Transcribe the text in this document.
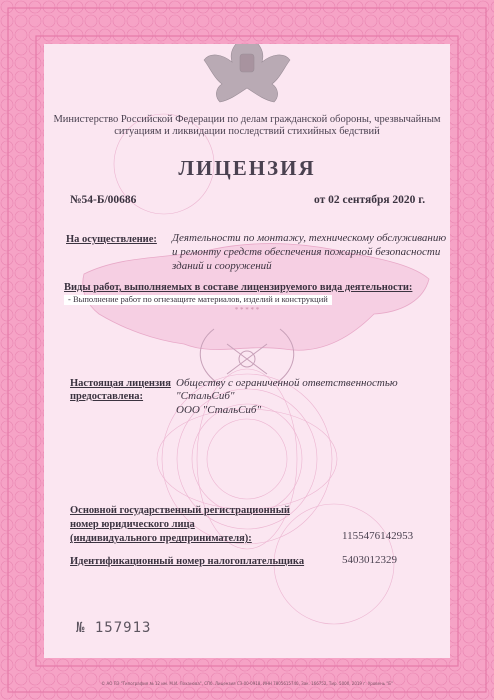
* * * * *
Министерство Российской Федерации по делам гражданской обороны, чрезвычайным ситуациям и ликвидации последствий стихийных бедствий
ЛИЦЕНЗИЯ
№54-Б/00686	от 02 сентября 2020 г.
На осуществление: Деятельности по монтажу, техническому обслуживанию и ремонту средств обеспечения пожарной безопасности зданий и сооружений
Виды работ, выполняемых в составе лицензируемого вида деятельности:
- Выполнение работ по огнезащите материалов, изделий и конструкций
Настоящая лицензия
предоставлена:
Обществу с ограниченной ответственностью
"СтальСиб"
ООО "СтальСиб"
Основной государственный регистрационный
номер юридического лица
(индивидуального предпринимателя):	1155476142953
Идентификационный номер налогоплательщика	5403012329
№ 157913
© АО ПЭ "Типография № 12 им. М.И. Лоханова", СПб. Лицензия СЗ-00-0918, ИНН 7805615740, Зак. 166752, Тир. 5000, 2019 г. Уровень "Б"
